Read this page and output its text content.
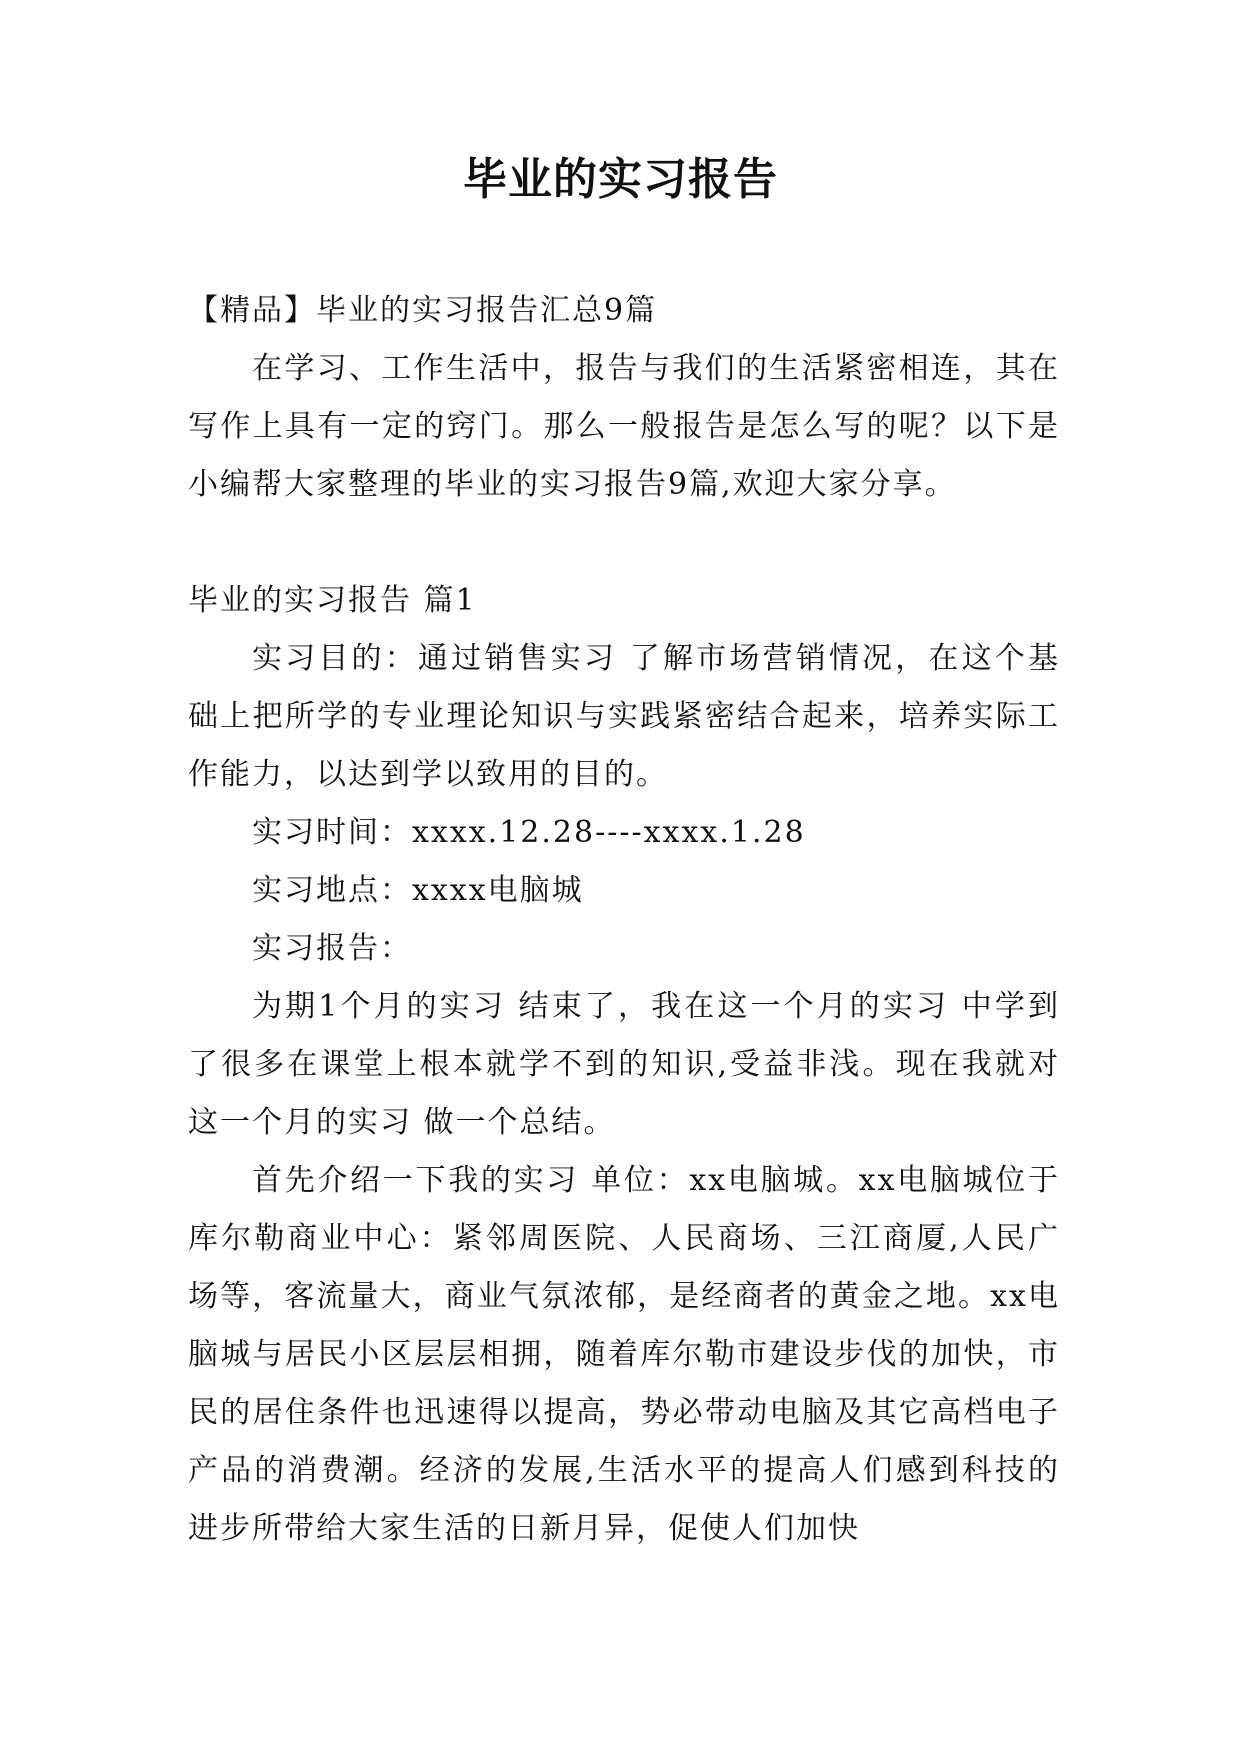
毕业的实习报告

【精品】毕业的实习报告汇总9篇

在学习、工作生活中，报告与我们的生活紧密相连，其在写作上具有一定的窍门。那么一般报告是怎么写的呢？以下是小编帮大家整理的毕业的实习报告9篇,欢迎大家分享。

毕业的实习报告 篇1

实习目的：通过销售实习 了解市场营销情况，在这个基础上把所学的专业理论知识与实践紧密结合起来，培养实际工作能力，以达到学以致用的目的。

实习时间：xxxx.12.28----xxxx.1.28

实习地点：xxxx电脑城

实习报告：

为期1个月的实习 结束了，我在这一个月的实习 中学到了很多在课堂上根本就学不到的知识,受益非浅。现在我就对这一个月的实习 做一个总结。

首先介绍一下我的实习 单位：xx电脑城。xx电脑城位于库尔勒商业中心：紧邻周医院、人民商场、三江商厦,人民广场等，客流量大，商业气氛浓郁，是经商者的黄金之地。xx电脑城与居民小区层层相拥，随着库尔勒市建设步伐的加快，市民的居住条件也迅速得以提高，势必带动电脑及其它高档电子产品的消费潮。经济的发展,生活水平的提高人们感到科技的进步所带给大家生活的日新月异，促使人们加快
